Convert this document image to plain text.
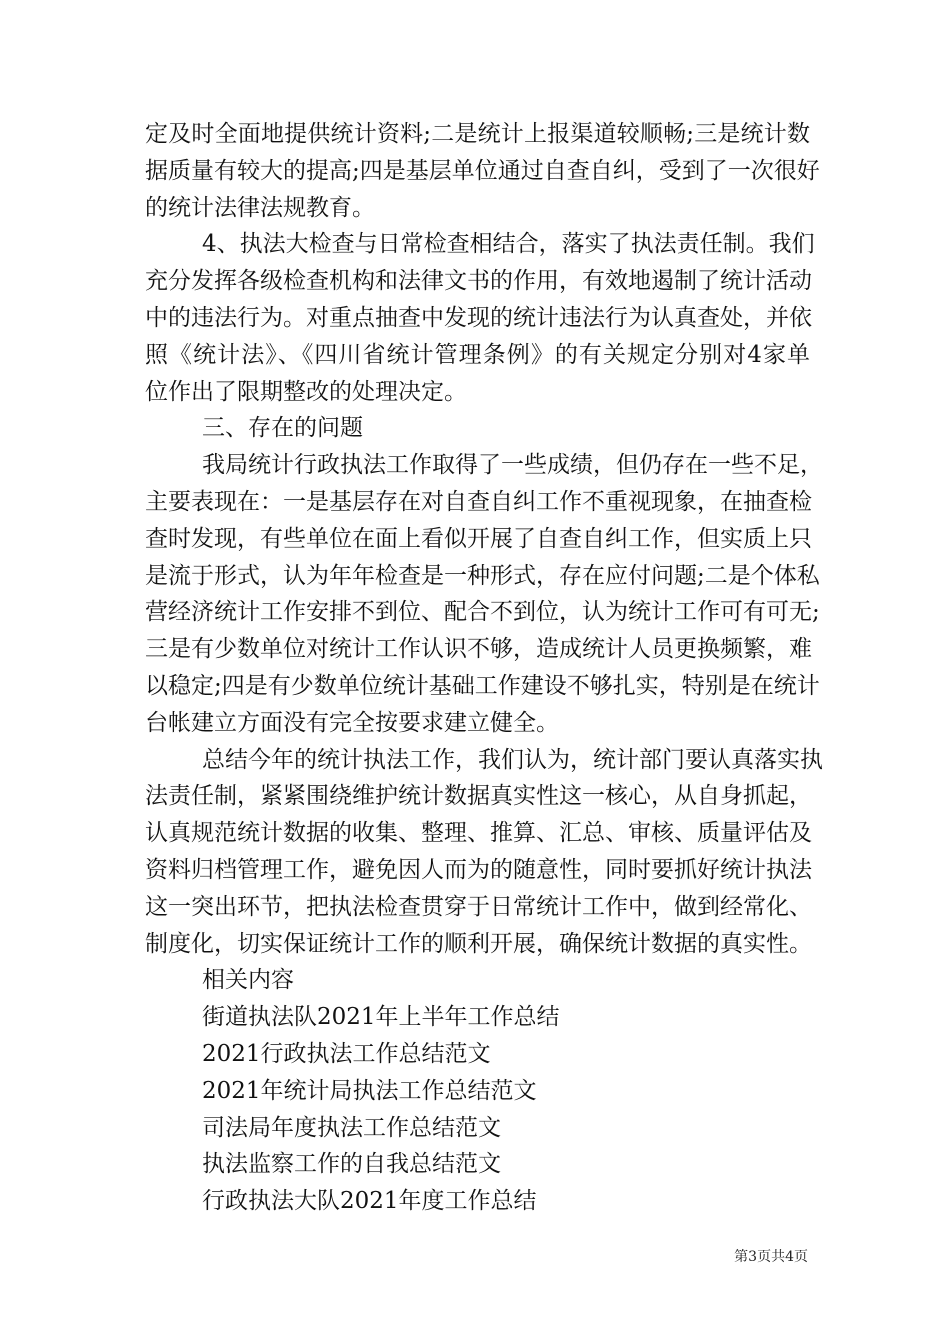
定及时全面地提供统计资料;二是统计上报渠道较顺畅;三是统计数
据质量有较大的提高;四是基层单位通过自查自纠，受到了一次很好
的统计法律法规教育。
4、执法大检查与日常检查相结合，落实了执法责任制。我们
充分发挥各级检查机构和法律文书的作用，有效地遏制了统计活动
中的违法行为。对重点抽查中发现的统计违法行为认真查处，并依
照《统计法》、《四川省统计管理条例》的有关规定分别对4家单
位作出了限期整改的处理决定。
三、存在的问题
我局统计行政执法工作取得了一些成绩，但仍存在一些不足，
主要表现在：一是基层存在对自查自纠工作不重视现象，在抽查检
查时发现，有些单位在面上看似开展了自查自纠工作，但实质上只
是流于形式，认为年年检查是一种形式，存在应付问题;二是个体私
营经济统计工作安排不到位、配合不到位，认为统计工作可有可无;
三是有少数单位对统计工作认识不够，造成统计人员更换频繁，难
以稳定;四是有少数单位统计基础工作建设不够扎实，特别是在统计
台帐建立方面没有完全按要求建立健全。
总结今年的统计执法工作，我们认为，统计部门要认真落实执
法责任制，紧紧围绕维护统计数据真实性这一核心，从自身抓起，
认真规范统计数据的收集、整理、推算、汇总、审核、质量评估及
资料归档管理工作，避免因人而为的随意性，同时要抓好统计执法
这一突出环节，把执法检查贯穿于日常统计工作中，做到经常化、
制度化，切实保证统计工作的顺利开展，确保统计数据的真实性。
相关内容
街道执法队2021年上半年工作总结
2021行政执法工作总结范文
2021年统计局执法工作总结范文
司法局年度执法工作总结范文
执法监察工作的自我总结范文
行政执法大队2021年度工作总结
第3页共4页
